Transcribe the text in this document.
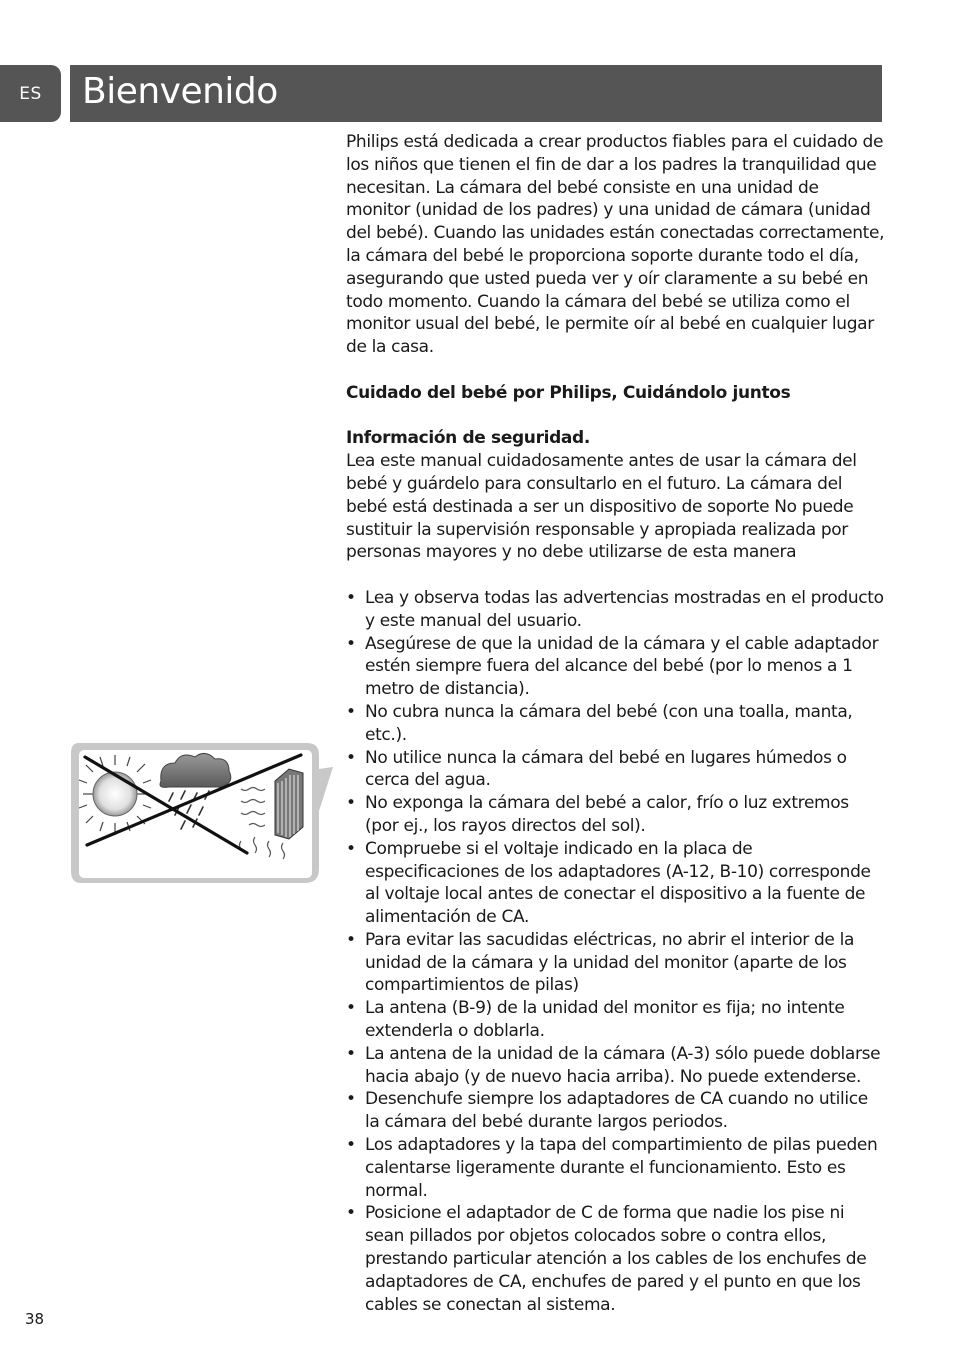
ES Bienvenido

Philips está dedicada a crear productos fiables para el cuidado de los niños que tienen el fin de dar a los padres la tranquilidad que necesitan. La cámara del bebé consiste en una unidad de monitor (unidad de los padres) y una unidad de cámara (unidad del bebé). Cuando las unidades están conectadas correctamente, la cámara del bebé le proporciona soporte durante todo el día, asegurando que usted pueda ver y oír claramente a su bebé en todo momento. Cuando la cámara del bebé se utiliza como el monitor usual del bebé, le permite oír al bebé en cualquier lugar de la casa.

Cuidado del bebé por Philips, Cuidándolo juntos

Información de seguridad.

Lea este manual cuidadosamente antes de usar la cámara del bebé y guárdelo para consultarlo en el futuro. La cámara del bebé está destinada a ser un dispositivo de soporte No puede sustituir la supervisión responsable y apropiada realizada por personas mayores y no debe utilizarse de esta manera

• Lea y observa todas las advertencias mostradas en el producto y este manual del usuario.
• Asegúrese de que la unidad de la cámara y el cable adaptador estén siempre fuera del alcance del bebé (por lo menos a 1 metro de distancia).
• No cubra nunca la cámara del bebé (con una toalla, manta, etc.).
• No utilice nunca la cámara del bebé en lugares húmedos o cerca del agua.
• No exponga la cámara del bebé a calor, frío o luz extremos (por ej., los rayos directos del sol).
• Compruebe si el voltaje indicado en la placa de especificaciones de los adaptadores (A-12, B-10) corresponde al voltaje local antes de conectar el dispositivo a la fuente de alimentación de CA.
• Para evitar las sacudidas eléctricas, no abrir el interior de la unidad de la cámara y la unidad del monitor (aparte de los compartimientos de pilas)
• La antena (B-9) de la unidad del monitor es fija; no intente extenderla o doblarla.
• La antena de la unidad de la cámara (A-3) sólo puede doblarse hacia abajo (y de nuevo hacia arriba). No puede extenderse.
• Desenchufe siempre los adaptadores de CA cuando no utilice la cámara del bebé durante largos periodos.
• Los adaptadores y la tapa del compartimiento de pilas pueden calentarse ligeramente durante el funcionamiento. Esto es normal.
• Posicione el adaptador de C de forma que nadie los pise ni sean pillados por objetos colocados sobre o contra ellos, prestando particular atención a los cables de los enchufes de adaptadores de CA, enchufes de pared y el punto en que los cables se conectan al sistema.
38
